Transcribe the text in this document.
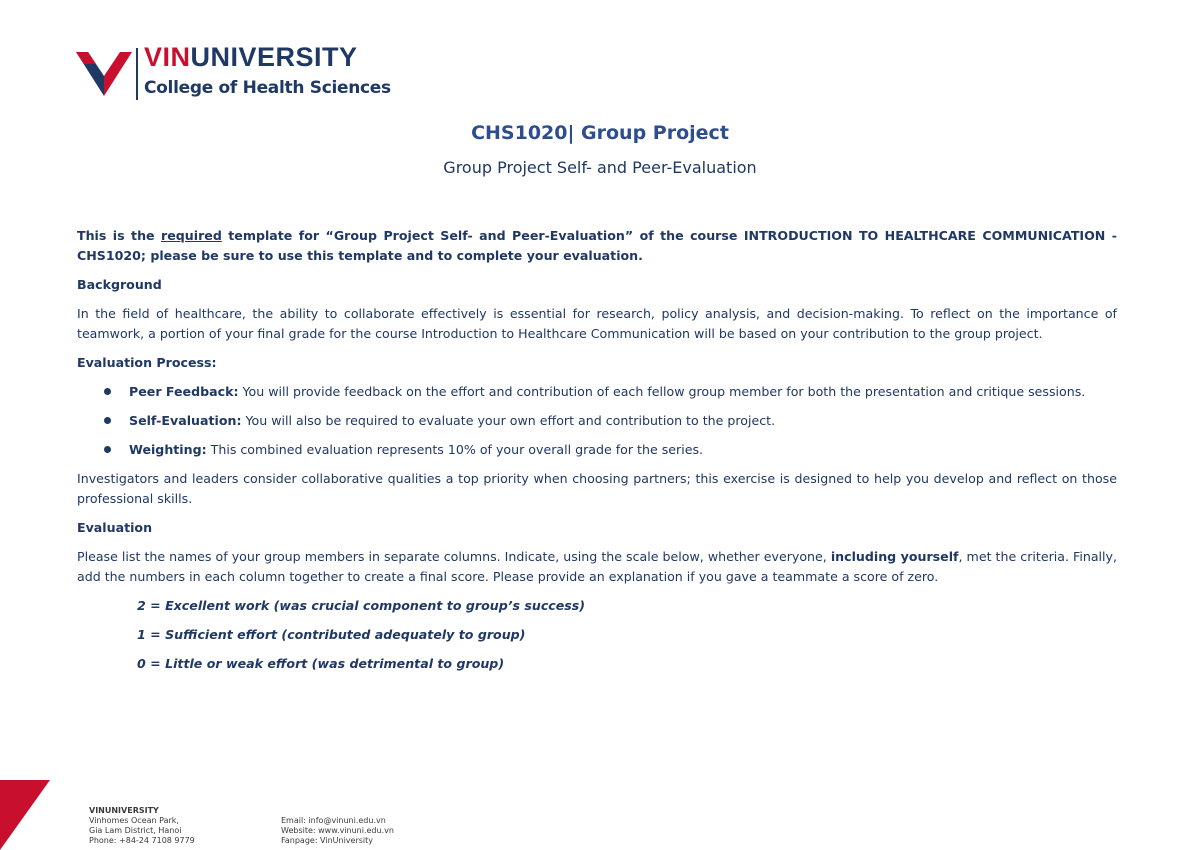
VINUNIVERSITY
College of Health Sciences
CHS1020| Group Project
Group Project Self- and Peer-Evaluation

This is the required template for “Group Project Self- and Peer-Evaluation” of the course INTRODUCTION TO HEALTHCARE COMMUNICATION - CHS1020; please be sure to use this template and to complete your evaluation.

Background

In the field of healthcare, the ability to collaborate effectively is essential for research, policy analysis, and decision-making. To reflect on the importance of teamwork, a portion of your final grade for the course Introduction to Healthcare Communication will be based on your contribution to the group project.

Evaluation Process:

Peer Feedback: You will provide feedback on the effort and contribution of each fellow group member for both the presentation and critique sessions.
Self-Evaluation: You will also be required to evaluate your own effort and contribution to the project.
Weighting: This combined evaluation represents 10% of your overall grade for the series.

Investigators and leaders consider collaborative qualities a top priority when choosing partners; this exercise is designed to help you develop and reflect on those professional skills.

Evaluation

Please list the names of your group members in separate columns. Indicate, using the scale below, whether everyone, including yourself, met the criteria. Finally, add the numbers in each column together to create a final score. Please provide an explanation if you gave a teammate a score of zero.

2 = Excellent work (was crucial component to group’s success)

1 = Sufficient effort (contributed adequately to group)

0 = Little or weak effort (was detrimental to group)

VINUNIVERSITY
Vinhomes Ocean Park,
Gia Lam District, Hanoi
Phone: +84-24 7108 9779
Email: info@vinuni.edu.vn
Website: www.vinuni.edu.vn
Fanpage: VinUniversity
